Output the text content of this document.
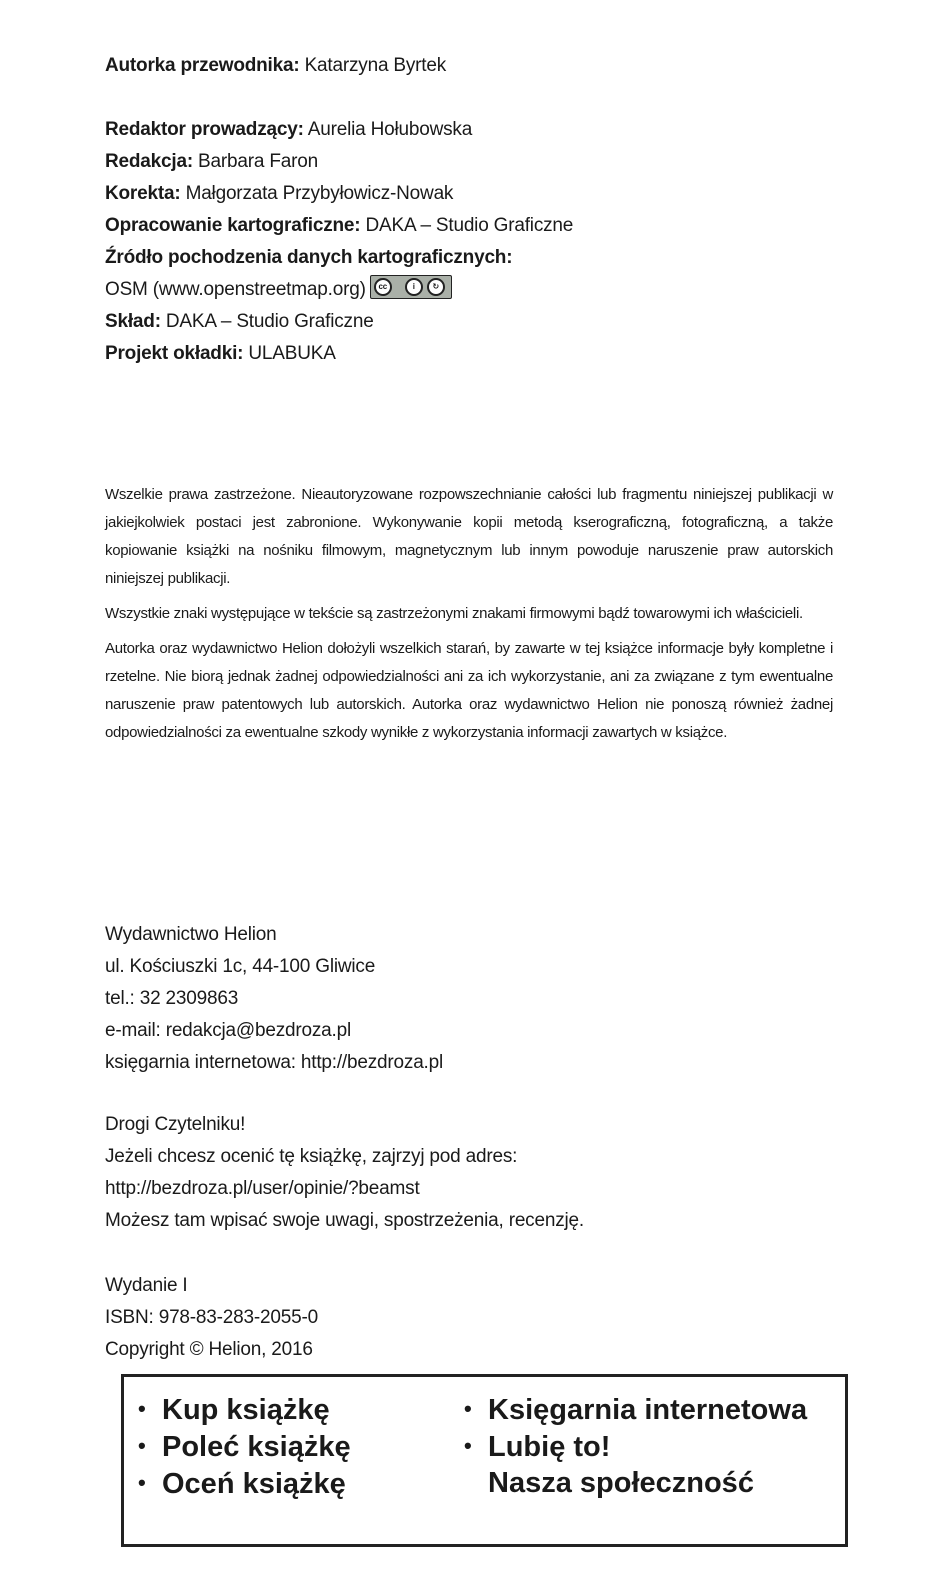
Autorka przewodnika: Katarzyna Byrtek
Redaktor prowadzący: Aurelia Hołubowska
Redakcja: Barbara Faron
Korekta: Małgorzata Przybyłowicz-Nowak
Opracowanie kartograficzne: DAKA – Studio Graficzne
Źródło pochodzenia danych kartograficznych:
OSM (www.openstreetmap.org)	cc	i	↻
Skład: DAKA – Studio Graficzne
Projekt okładki: ULABUKA

Wszelkie prawa zastrzeżone. Nieautoryzowane rozpowszechnianie całości lub fragmentu niniejszej publikacji w jakiejkolwiek postaci jest zabronione. Wykonywanie kopii metodą kserograficzną, fotograficzną, a także kopiowanie książki na nośniku filmowym, magnetycznym lub innym powoduje naruszenie praw autorskich niniejszej publikacji.

Wszystkie znaki występujące w tekście są zastrzeżonymi znakami firmowymi bądź towarowymi ich właścicieli.

Autorka oraz wydawnictwo Helion dołożyli wszelkich starań, by zawarte w tej książce informacje były kompletne i rzetelne. Nie biorą jednak żadnej odpowiedzialności ani za ich wykorzystanie, ani za związane z tym ewentualne naruszenie praw patentowych lub autorskich. Autorka oraz wydawnictwo Helion nie ponoszą również żadnej odpowiedzialności za ewentualne szkody wynikłe z wykorzystania informacji zawartych w książce.

Wydawnictwo Helion
ul. Kościuszki 1c, 44-100 Gliwice
tel.: 32 2309863
e-mail: redakcja@bezdroza.pl
księgarnia internetowa: http://bezdroza.pl
Drogi Czytelniku!
Jeżeli chcesz ocenić tę książkę, zajrzyj pod adres:
http://bezdroza.pl/user/opinie/?beamst
Możesz tam wpisać swoje uwagi, spostrzeżenia, recenzję.
Wydanie I
ISBN: 978-83-283-2055-0
Copyright © Helion, 2016
• Kup książkę
• Poleć książkę
• Oceń książkę
• Księgarnia internetowa
• Lubię to!
Nasza społeczność
